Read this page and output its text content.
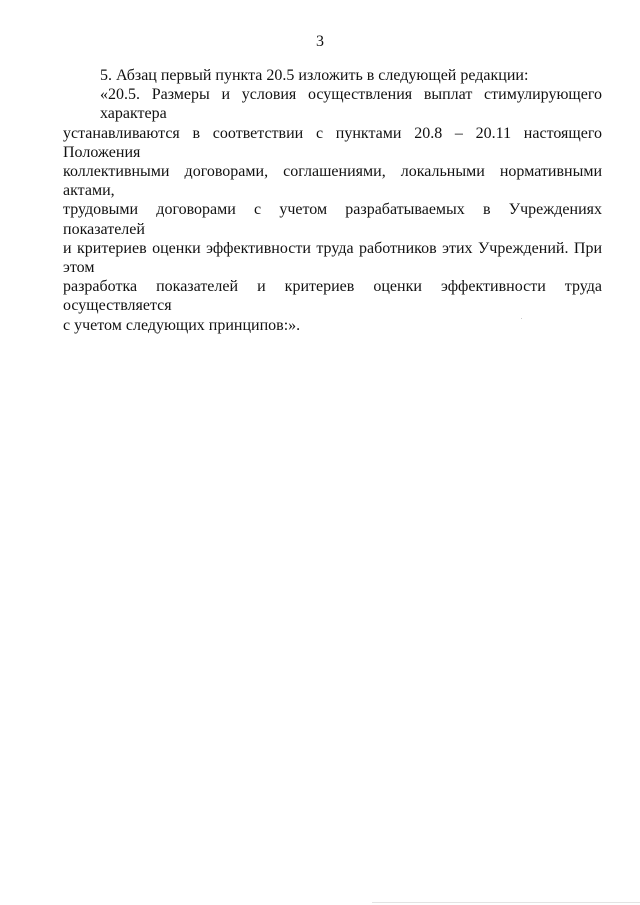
3
5. Абзац первый пункта 20.5 изложить в следующей редакции:
«20.5. Размеры и условия осуществления выплат стимулирующего характера
устанавливаются в соответствии с пунктами 20.8 – 20.11 настоящего Положения
коллективными договорами, соглашениями, локальными нормативными актами,
трудовыми договорами с учетом разрабатываемых в Учреждениях показателей
и критериев оценки эффективности труда работников этих Учреждений. При этом
разработка показателей и критериев оценки эффективности труда осуществляется
с учетом следующих принципов:».
